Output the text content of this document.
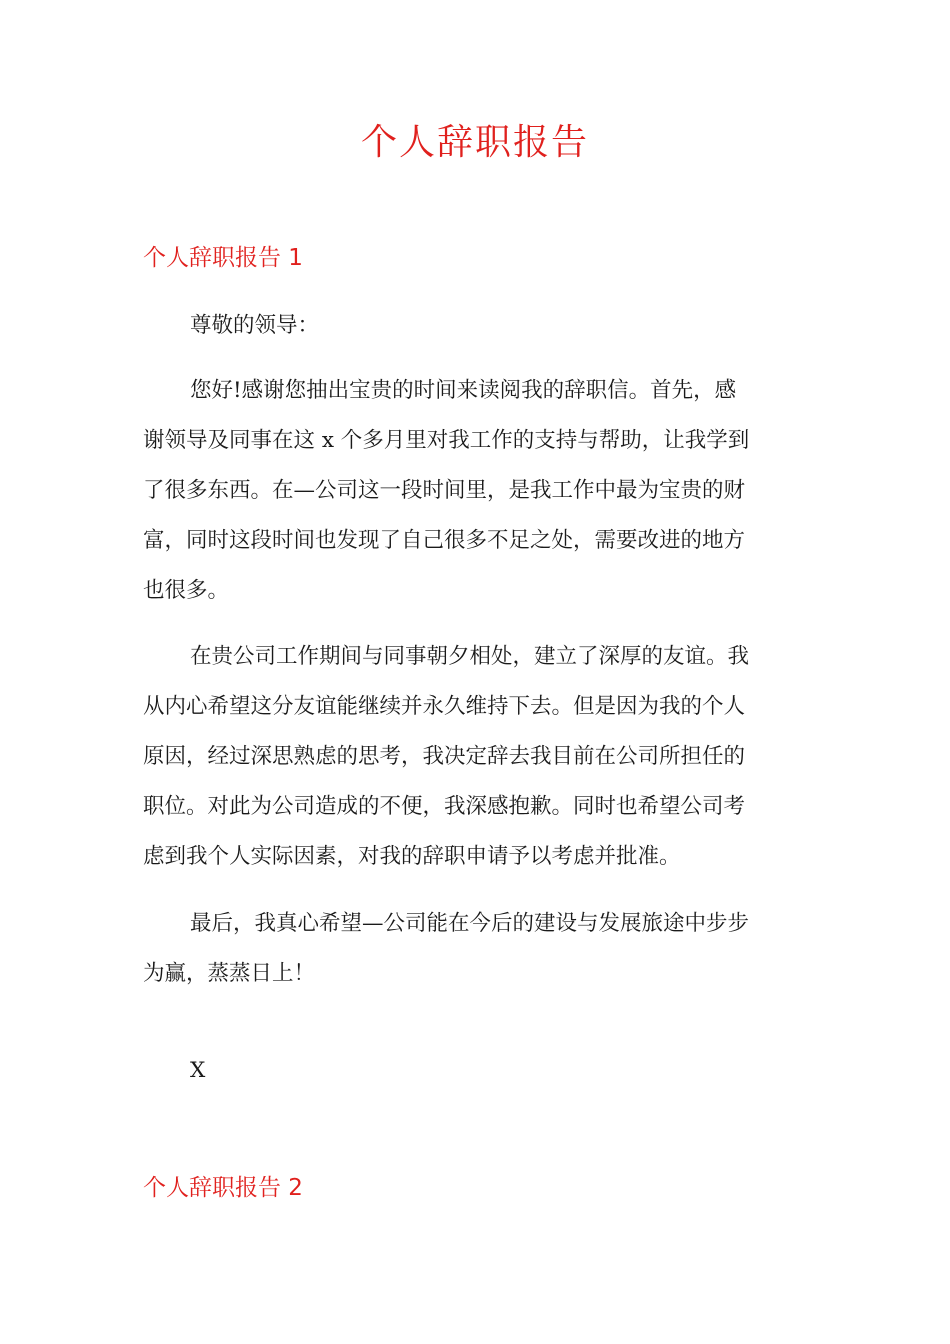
个人辞职报告
个人辞职报告 1
尊敬的领导：
您好!感谢您抽出宝贵的时间来读阅我的辞职信。首先，感
谢领导及同事在这 x 个多月里对我工作的支持与帮助，让我学到
了很多东西。在—公司这一段时间里，是我工作中最为宝贵的财
富，同时这段时间也发现了自己很多不足之处，需要改进的地方
也很多。
在贵公司工作期间与同事朝夕相处，建立了深厚的友谊。我
从内心希望这分友谊能继续并永久维持下去。但是因为我的个人
原因，经过深思熟虑的思考，我决定辞去我目前在公司所担任的
职位。对此为公司造成的不便，我深感抱歉。同时也希望公司考
虑到我个人实际因素，对我的辞职申请予以考虑并批准。
最后，我真心希望—公司能在今后的建设与发展旅途中步步
为赢，蒸蒸日上！
X
个人辞职报告 2
